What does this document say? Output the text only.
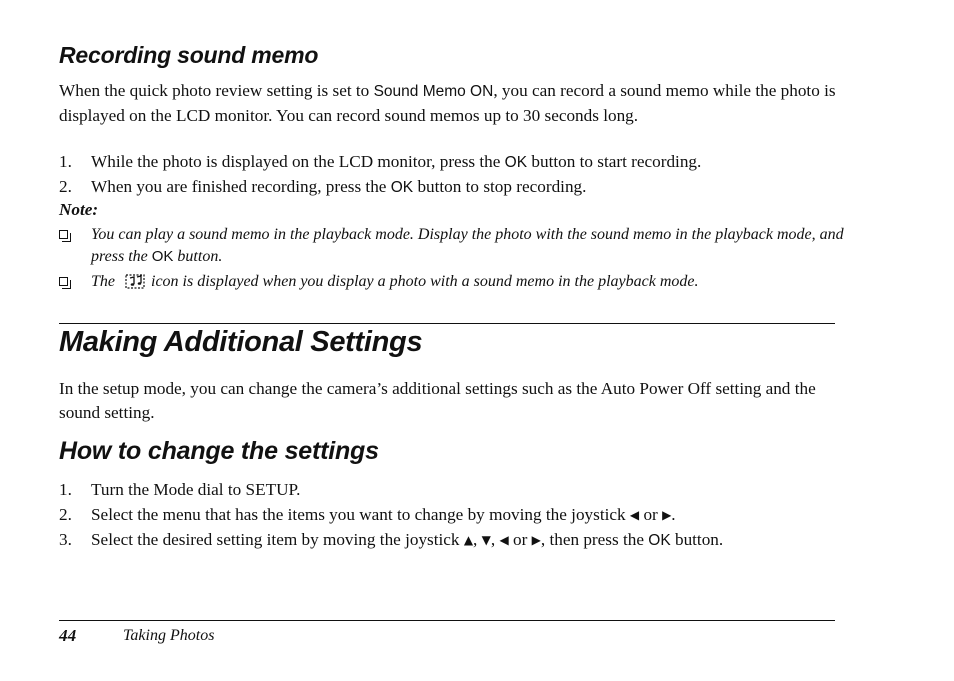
Recording sound memo

When the quick photo review setting is set to Sound Memo ON, you can record a sound memo while the photo is displayed on the LCD monitor. You can record sound memos up to 30 seconds long.

1.	While the photo is displayed on the LCD monitor, press the OK button to start recording.
2.	When you are finished recording, press the OK button to stop recording.
Note:
You can play a sound memo in the playback mode. Display the photo with the sound memo in the playback mode, and press the OK button.
The icon is displayed when you display a photo with a sound memo in the playback mode.
Making Additional Settings

In the setup mode, you can change the camera’s additional settings such as the Auto Power Off setting and the sound setting.

How to change the settings
1.	Turn the Mode dial to SETUP.
2.	Select the menu that has the items you want to change by moving the joystick ◀ or ▶.
3.	Select the desired setting item by moving the joystick ▲, ▼, ◀ or ▶, then press the OK button.
44	Taking Photos
